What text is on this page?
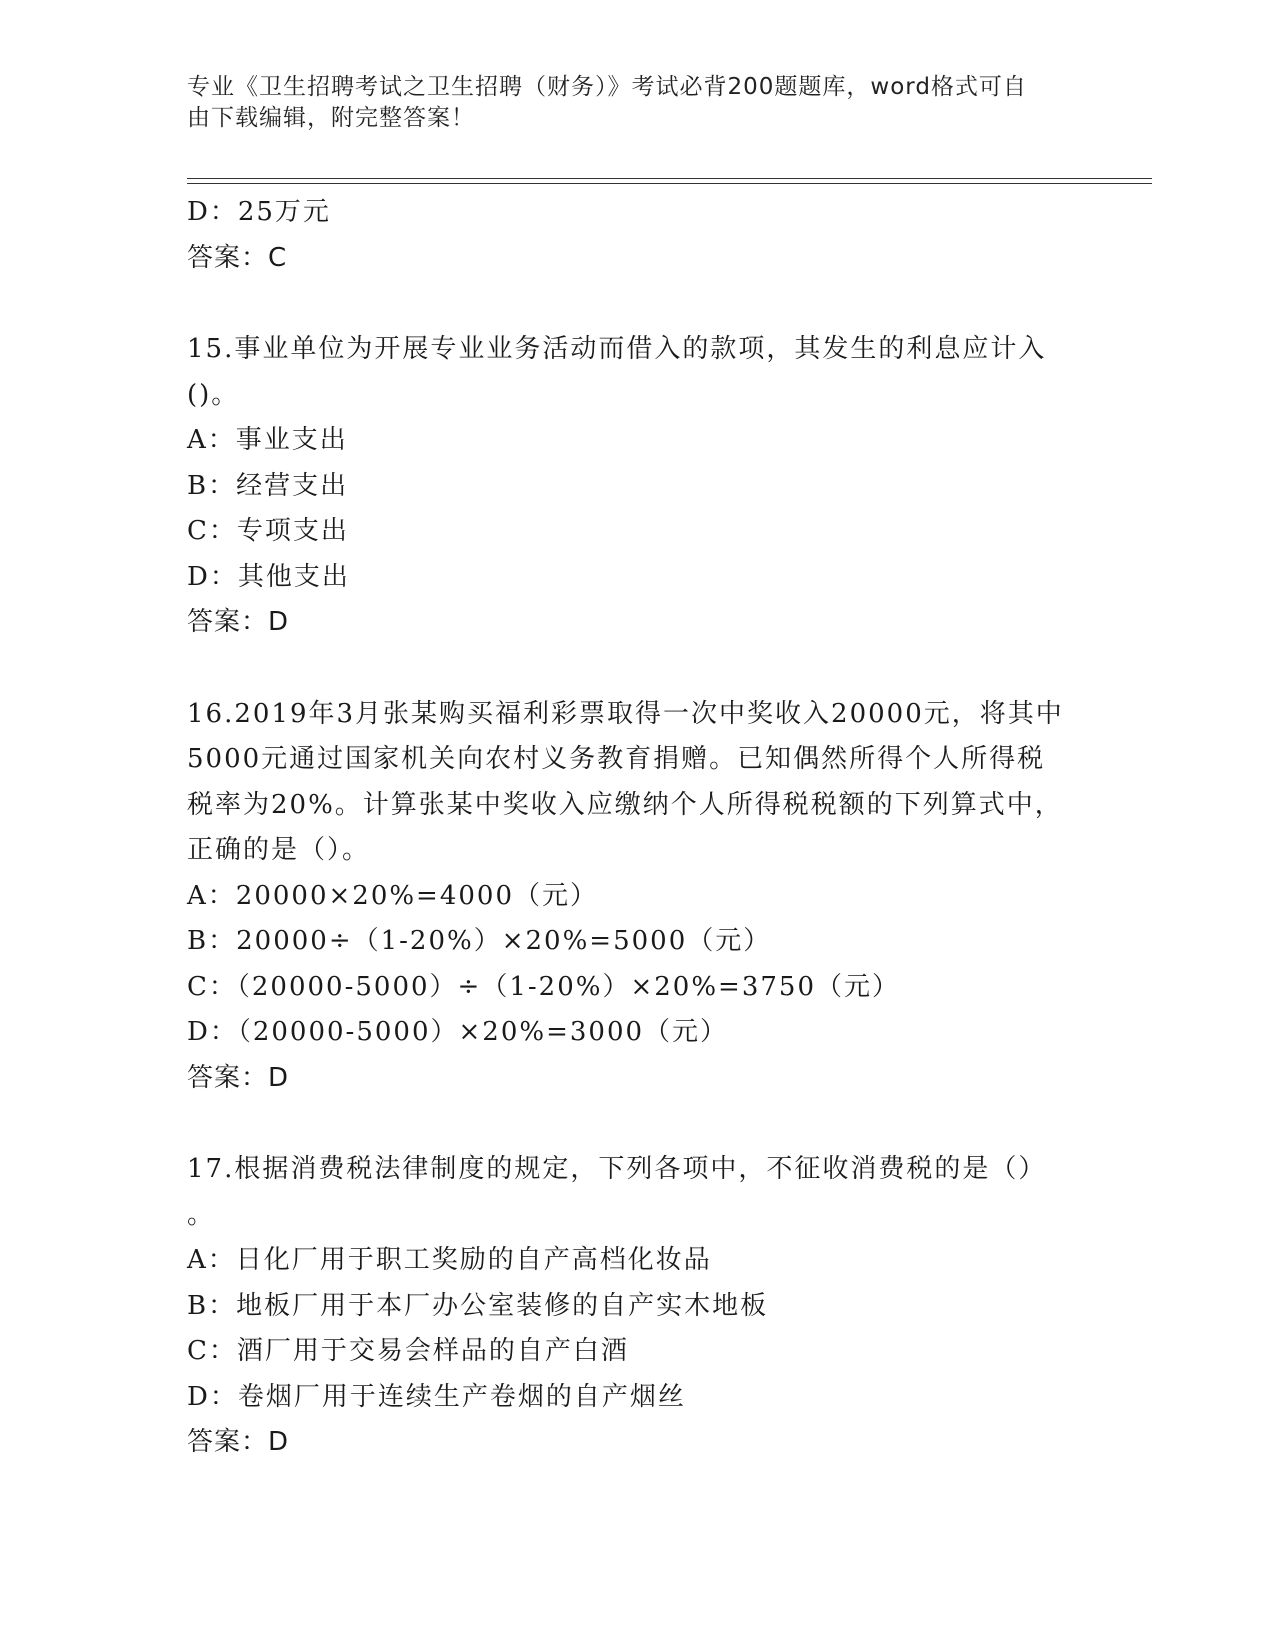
专业《卫生招聘考试之卫生招聘（财务）》考试必背200题题库，word格式可自
由下载编辑，附完整答案！
D：25万元
答案：C
15.事业单位为开展专业业务活动而借入的款项，其发生的利息应计入
()。
A：事业支出
B：经营支出
C：专项支出
D：其他支出
答案：D
16.2019年3月张某购买福利彩票取得一次中奖收入20000元，将其中
5000元通过国家机关向农村义务教育捐赠。已知偶然所得个人所得税
税率为20%。计算张某中奖收入应缴纳个人所得税税额的下列算式中，
正确的是（）。
A：20000×20%=4000（元）
B：20000÷（1-20%）×20%=5000（元）
C：（20000-5000）÷（1-20%）×20%=3750（元）
D：（20000-5000）×20%=3000（元）
答案：D
17.根据消费税法律制度的规定，下列各项中，不征收消费税的是（）
。
A：日化厂用于职工奖励的自产高档化妆品
B：地板厂用于本厂办公室装修的自产实木地板
C：酒厂用于交易会样品的自产白酒
D：卷烟厂用于连续生产卷烟的自产烟丝
答案：D
